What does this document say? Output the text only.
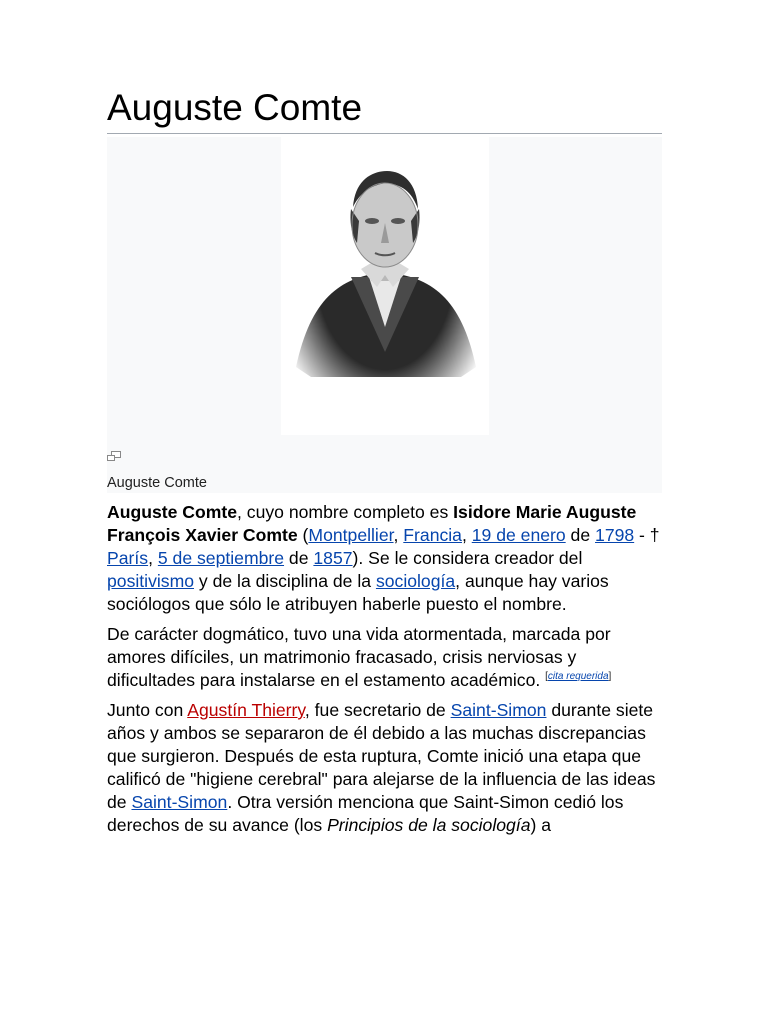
Auguste Comte
Auguste Comte

Auguste Comte, cuyo nombre completo es Isidore Marie Auguste François Xavier Comte (Montpellier, Francia, 19 de enero de 1798 - † París, 5 de septiembre de 1857). Se le considera creador del positivismo y de la disciplina de la sociología, aunque hay varios sociólogos que sólo le atribuyen haberle puesto el nombre.

De carácter dogmático, tuvo una vida atormentada, marcada por amores difíciles, un matrimonio fracasado, crisis nerviosas y dificultades para instalarse en el estamento académico. [cita requerida]

Junto con Agustín Thierry, fue secretario de Saint-Simon durante siete años y ambos se separaron de él debido a las muchas discrepancias que surgieron. Después de esta ruptura, Comte inició una etapa que calificó de "higiene cerebral" para alejarse de la influencia de las ideas de Saint-Simon. Otra versión menciona que Saint-Simon cedió los derechos de su avance (los Principios de la sociología) a
